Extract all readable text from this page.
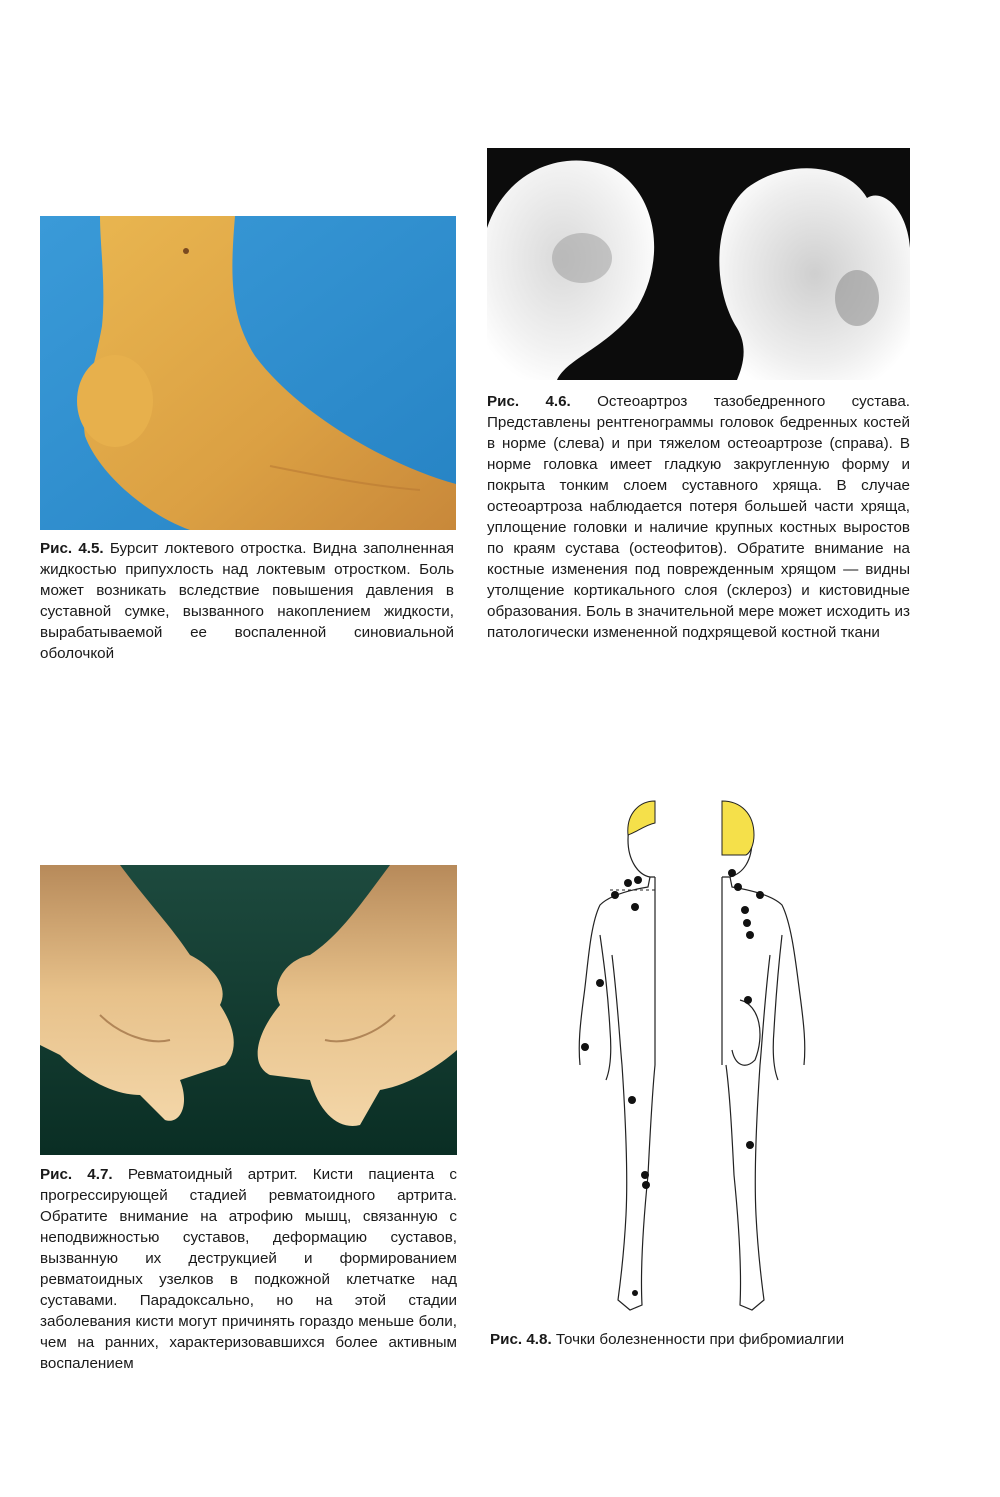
Рис. 4.5. Бурсит локтевого отростка. Видна заполненная жидкостью припухлость над локтевым отростком. Боль может возникать вследствие повышения давления в суставной сумке, вызванного накоплением жидкости, вырабатываемой ее воспаленной синовиальной оболочкой
Рис. 4.6. Остеоартроз тазобедренного сустава. Представлены рентгенограммы головок бедренных костей в норме (слева) и при тяжелом остеоартрозе (справа). В норме головка имеет гладкую закругленную форму и покрыта тонким слоем суставного хряща. В случае остеоартроза наблюдается потеря большей части хряща, уплощение головки и наличие крупных костных выростов по краям сустава (остеофитов). Обратите внимание на костные изменения под поврежденным хрящом — видны утолщение кортикального слоя (склероз) и кистовидные образования. Боль в значительной мере может исходить из патологически измененной подхрящевой костной ткани
Рис. 4.7. Ревматоидный артрит. Кисти пациента с прогрессирующей стадией ревматоидного артрита. Обратите внимание на атрофию мышц, связанную с неподвижностью суставов, деформацию суставов, вызванную их деструкцией и формированием ревматоидных узелков в подкожной клетчатке над суставами. Парадоксально, но на этой стадии заболевания кисти могут причинять гораздо меньше боли, чем на ранних, характеризовавшихся более активным воспалением
Рис. 4.8. Точки болезненности при фибромиалгии
